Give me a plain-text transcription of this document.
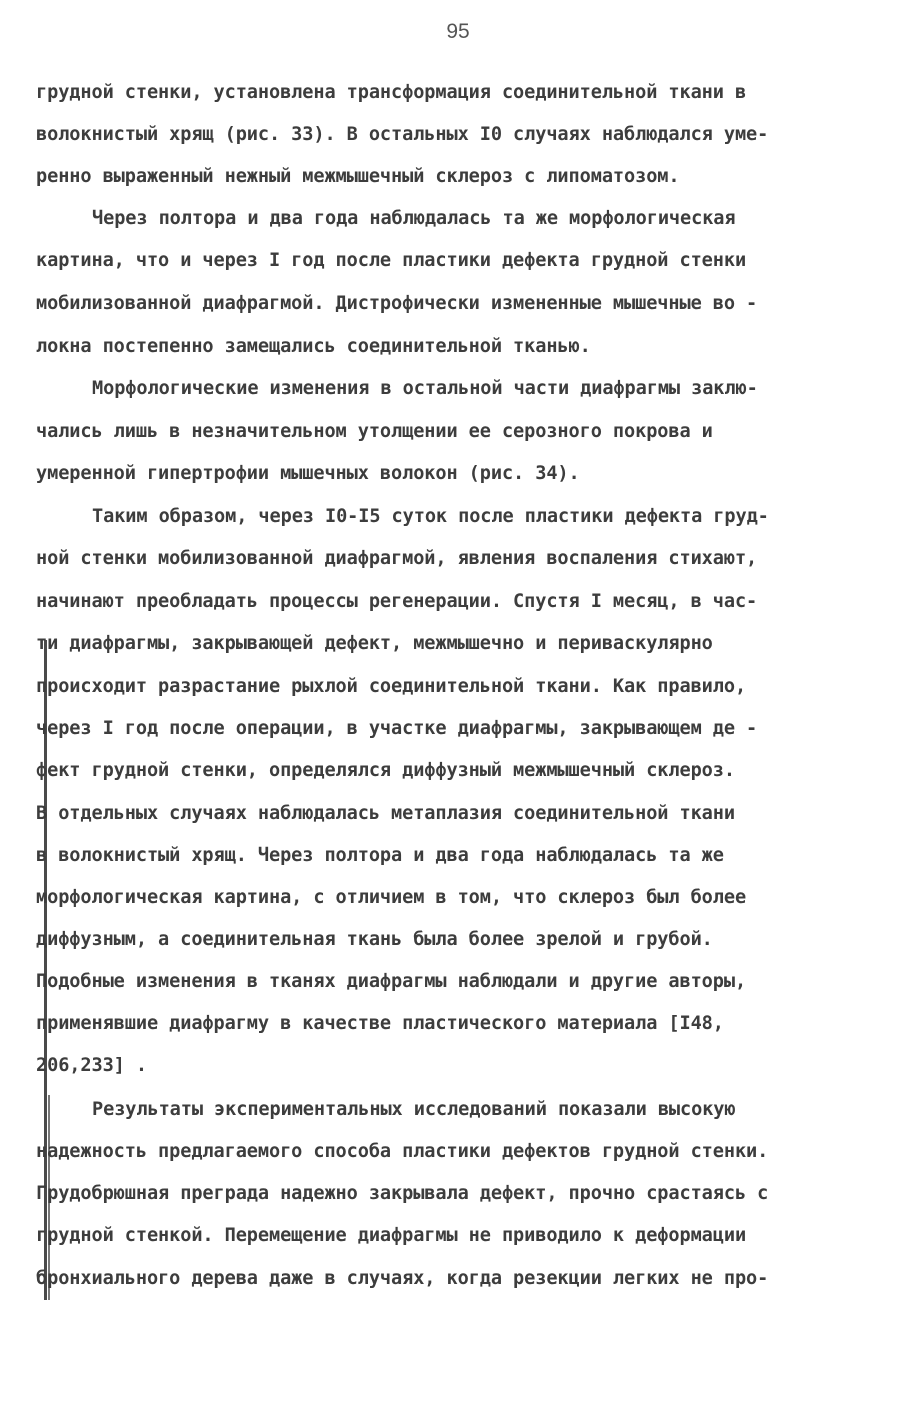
95
грудной стенки, установлена трансформация соединительной ткани в
волокнистый хрящ (рис. 33). В остальных I0 случаях наблюдался уме-
ренно выраженный нежный межмышечный склероз с липоматозом.
Через полтора и два года наблюдалась та же морфологическая
картина, что и через I год после пластики дефекта грудной стенки
мобилизованной диафрагмой. Дистрофически измененные мышечные во -
локна постепенно замещались соединительной тканью.
Морфологические изменения в остальной части диафрагмы заклю-
чались лишь в незначительном утолщении ее серозного покрова и
умеренной гипертрофии мышечных волокон (рис. 34).
Таким образом, через I0-I5 суток после пластики дефекта груд-
ной стенки мобилизованной диафрагмой, явления воспаления стихают,
начинают преобладать процессы регенерации. Спустя I месяц, в час-
ти диафрагмы, закрывающей дефект, межмышечно и периваскулярно
происходит разрастание рыхлой соединительной ткани. Как правило,
через I год после операции, в участке диафрагмы, закрывающем де -
фект грудной стенки, определялся диффузный межмышечный склероз.
В отдельных случаях наблюдалась метаплазия соединительной ткани
в волокнистый хрящ. Через полтора и два года наблюдалась та же
морфологическая картина, с отличием в том, что склероз был более
диффузным, а соединительная ткань была более зрелой и грубой.
Подобные изменения в тканях диафрагмы наблюдали и другие авторы,
применявшие диафрагму в качестве пластического материала [I48,
206,233] .
Результаты экспериментальных исследований показали высокую
надежность предлагаемого способа пластики дефектов грудной стенки.
Грудобрюшная преграда надежно закрывала дефект, прочно срастаясь с
грудной стенкой. Перемещение диафрагмы не приводило к деформации
бронхиального дерева даже в случаях, когда резекции легких не про-
